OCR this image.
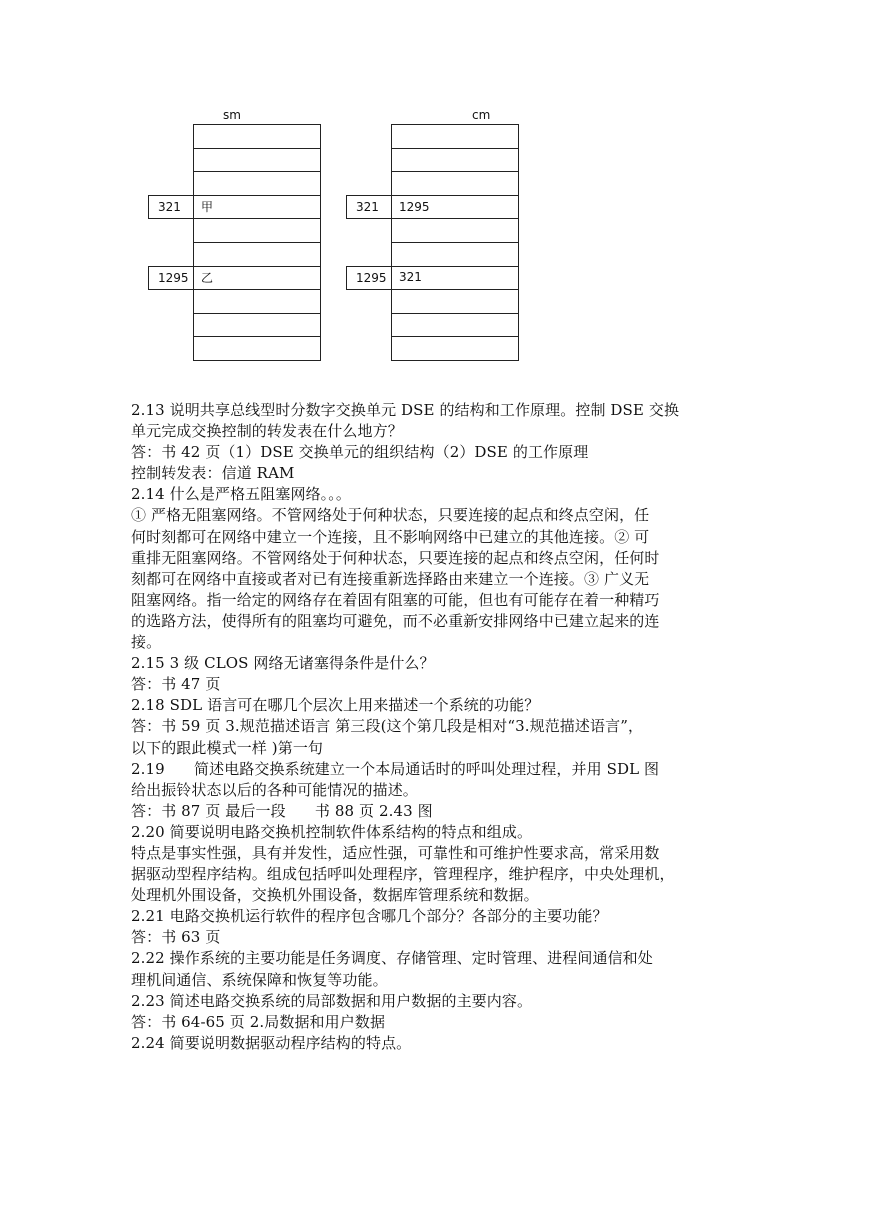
sm	cm
甲
321
乙
1295
1295
321
321
1295
2.13 说明共享总线型时分数字交换单元 DSE 的结构和工作原理。控制 DSE 交换
单元完成交换控制的转发表在什么地方？
答：书 42 页（1）DSE 交换单元的组织结构（2）DSE 的工作原理
控制转发表：信道 RAM
2.14 什么是严格五阻塞网络。。。
① 严格无阻塞网络。不管网络处于何种状态，只要连接的起点和终点空闲，任
何时刻都可在网络中建立一个连接，且不影响网络中已建立的其他连接。② 可
重排无阻塞网络。不管网络处于何种状态，只要连接的起点和终点空闲，任何时
刻都可在网络中直接或者对已有连接重新选择路由来建立一个连接。③ 广义无
阻塞网络。指一给定的网络存在着固有阻塞的可能，但也有可能存在着一种精巧
的选路方法，使得所有的阻塞均可避免，而不必重新安排网络中已建立起来的连
接。
2.15 3 级 CLOS 网络无诸塞得条件是什么？
答：书 47 页
2.18 SDL 语言可在哪几个层次上用来描述一个系统的功能？
答：书 59 页 3.规范描述语言 第三段(这个第几段是相对“3.规范描述语言”，
以下的跟此模式一样 )第一句
2.19      简述电路交换系统建立一个本局通话时的呼叫处理过程，并用 SDL 图
给出振铃状态以后的各种可能情况的描述。
答：书 87 页 最后一段      书 88 页 2.43 图
2.20 简要说明电路交换机控制软件体系结构的特点和组成。
特点是事实性强，具有并发性，适应性强，可靠性和可维护性要求高，常采用数
据驱动型程序结构。组成包括呼叫处理程序，管理程序，维护程序，中央处理机，
处理机外围设备，交换机外围设备，数据库管理系统和数据。
2.21 电路交换机运行软件的程序包含哪几个部分？各部分的主要功能？
答：书 63 页
2.22 操作系统的主要功能是任务调度、存储管理、定时管理、进程间通信和处
理机间通信、系统保障和恢复等功能。
2.23 简述电路交换系统的局部数据和用户数据的主要内容。
答：书 64-65 页 2.局数据和用户数据
2.24 简要说明数据驱动程序结构的特点。
